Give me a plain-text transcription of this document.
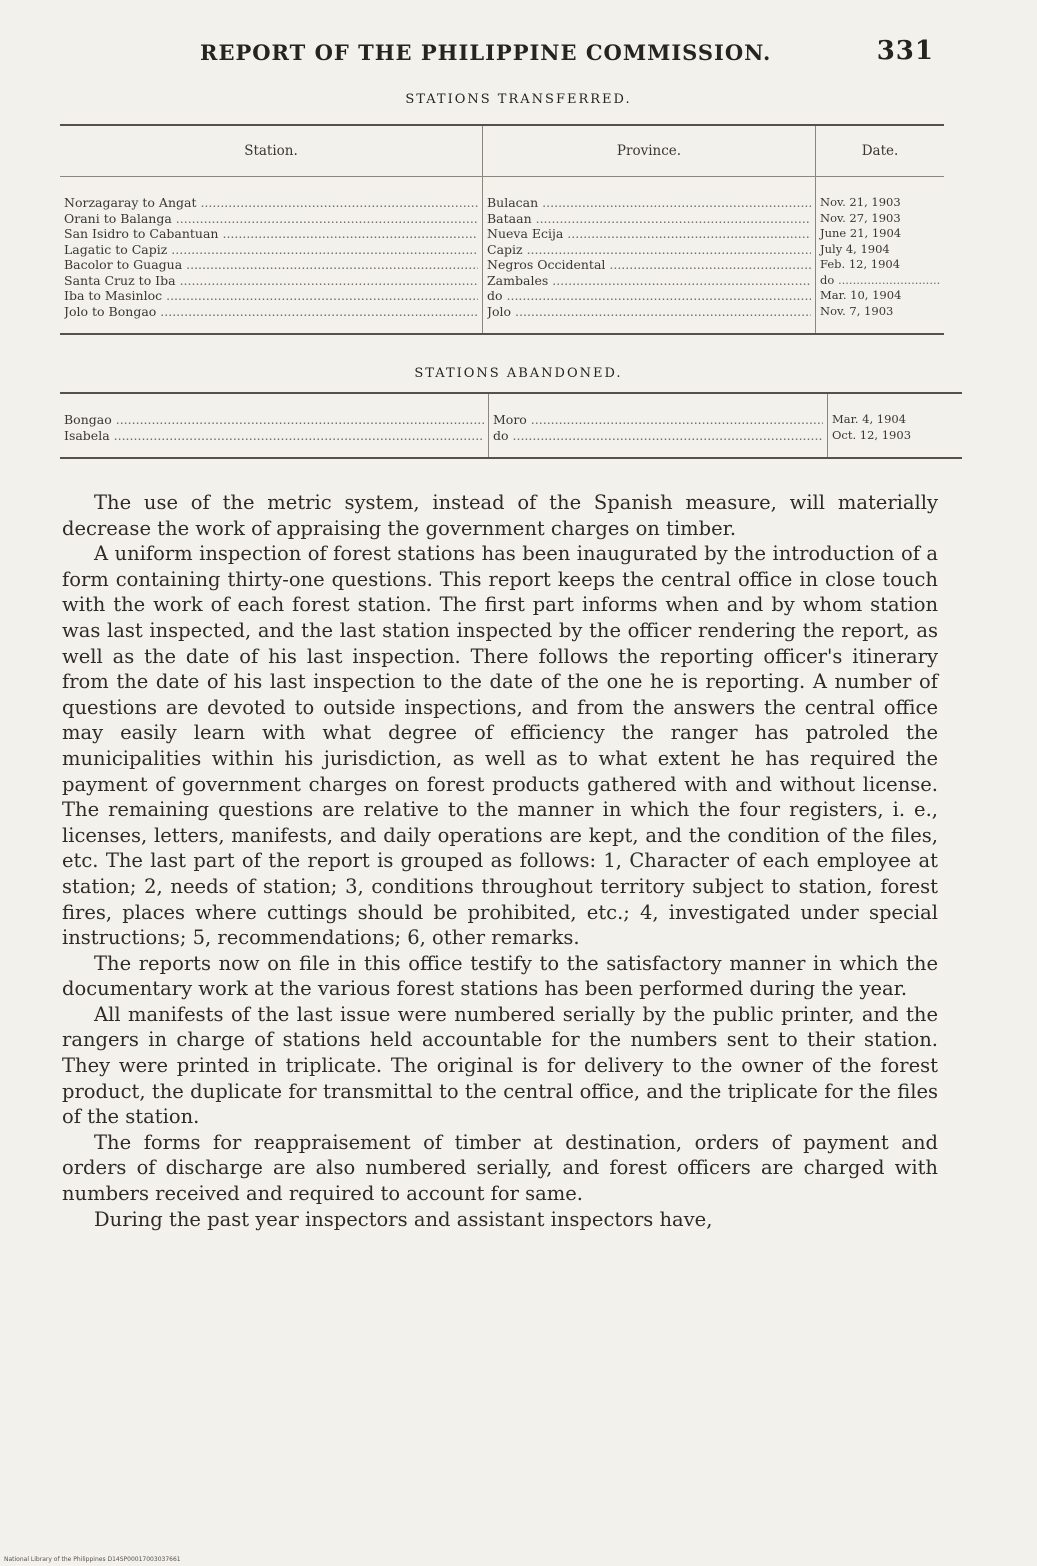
REPORT OF THE PHILIPPINE COMMISSION.	331
STATIONS TRANSFERRED.
Station.	Province.	Date.

Norzagaray to Angat .....	Bulacan .....	Nov. 21, 1903

Orani to Balanga .....	Bataan .....	Nov. 27, 1903

San Isidro to Cabantuan .....	Nueva Ecija .....	June 21, 1904

Lagatic to Capiz .....	Capiz .....	July 4, 1904

Bacolor to Guagua .....	Negros Occidental .....	Feb. 12, 1904

Santa Cruz to Iba .....	Zambales .....	do .....

Iba to Masinloc .....	do .....	Mar. 10, 1904

Jolo to Bongao .....	Jolo .....	Nov. 7, 1903
STATIONS ABANDONED.
Bongao .....	Moro .....	Mar. 4, 1904

Isabela .....	do .....	Oct. 12, 1903

The use of the metric system, instead of the Spanish measure, will materially decrease the work of appraising the government charges on timber.

A uniform inspection of forest stations has been inaugurated by the introduction of a form containing thirty-one questions. This report keeps the central office in close touch with the work of each forest station. The first part informs when and by whom station was last inspected, and the last station inspected by the officer rendering the report, as well as the date of his last inspection. There follows the reporting officer's itinerary from the date of his last inspection to the date of the one he is reporting. A number of questions are devoted to outside inspections, and from the answers the central office may easily learn with what degree of efficiency the ranger has patroled the municipalities within his jurisdiction, as well as to what extent he has required the payment of government charges on forest products gathered with and without license. The remaining questions are relative to the manner in which the four registers, i. e., licenses, letters, manifests, and daily operations are kept, and the condition of the files, etc. The last part of the report is grouped as follows: 1, Character of each employee at station; 2, needs of station; 3, conditions throughout territory subject to station, forest fires, places where cuttings should be prohibited, etc.; 4, investigated under special instructions; 5, recommendations; 6, other remarks.

The reports now on file in this office testify to the satisfactory manner in which the documentary work at the various forest stations has been performed during the year.

All manifests of the last issue were numbered serially by the public printer, and the rangers in charge of stations held accountable for the numbers sent to their station. They were printed in triplicate. The original is for delivery to the owner of the forest product, the duplicate for transmittal to the central office, and the triplicate for the files of the station.

The forms for reappraisement of timber at destination, orders of payment and orders of discharge are also numbered serially, and forest officers are charged with numbers received and required to account for same.

During the past year inspectors and assistant inspectors have,

National Library of the Philippines D14SP00017003037661
